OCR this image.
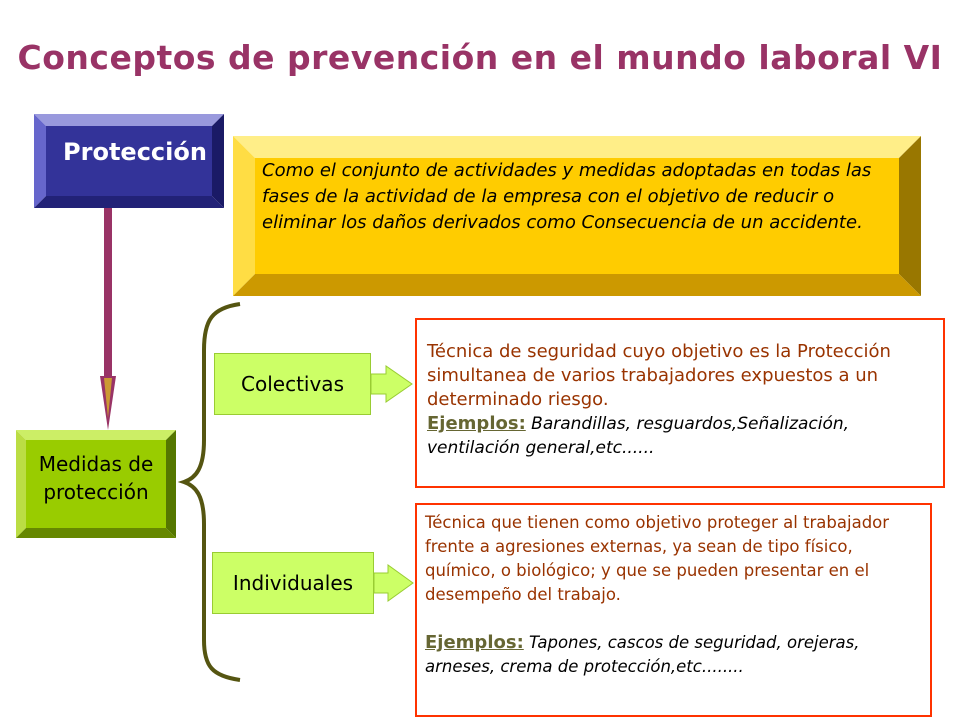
Conceptos de prevención en el mundo laboral VI
Protección
Como el conjunto de actividades y medidas adoptadas en todas las fases de la actividad de la empresa con el objetivo de reducir o eliminar los daños derivados como Consecuencia de un accidente.
Medidas de
protección
Colectivas
Técnica de seguridad cuyo objetivo es la Protección simultanea de varios trabajadores expuestos a un determinado riesgo.
Ejemplos: Barandillas, resguardos,Señalización, ventilación general,etc......
Individuales
Técnica que tienen como objetivo proteger al trabajador frente a agresiones externas, ya sean de tipo físico, químico, o biológico; y que se pueden presentar en el desempeño del trabajo.
Ejemplos: Tapones, cascos de seguridad, orejeras, arneses, crema de protección,etc........
